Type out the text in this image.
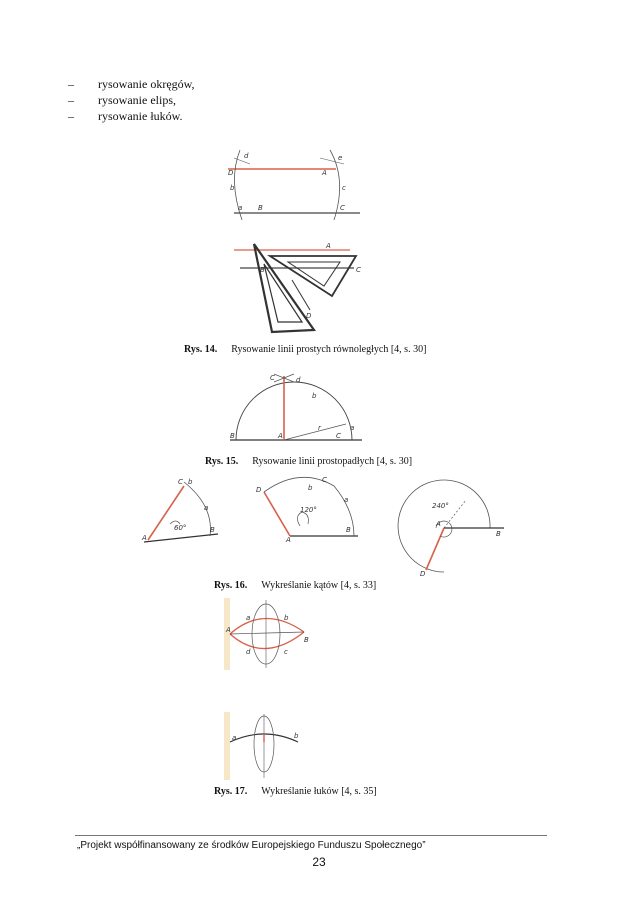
–	rysowanie okręgów,
–	rysowanie elips,
–	rysowanie łuków.
d	e
D	A
b	c
a B	C
A
B	C
D
Rys. 14. Rysowanie linii prostych równoległych [4, s. 30]
C
b
d
a
B	A
r
C
Rys. 15. Rysowanie linii prostopadłych [4, s. 30]
C b
a
60°
A
B
D
C
b
a
120°
A
B
240°
A
B
D
Rys. 16. Wykreślanie kątów [4, s. 33]
A
B
a	b
c
d
a	b
Rys. 17. Wykreślanie łuków [4, s. 35]
„Projekt współfinansowany ze środków Europejskiego Funduszu Społecznego”
23
